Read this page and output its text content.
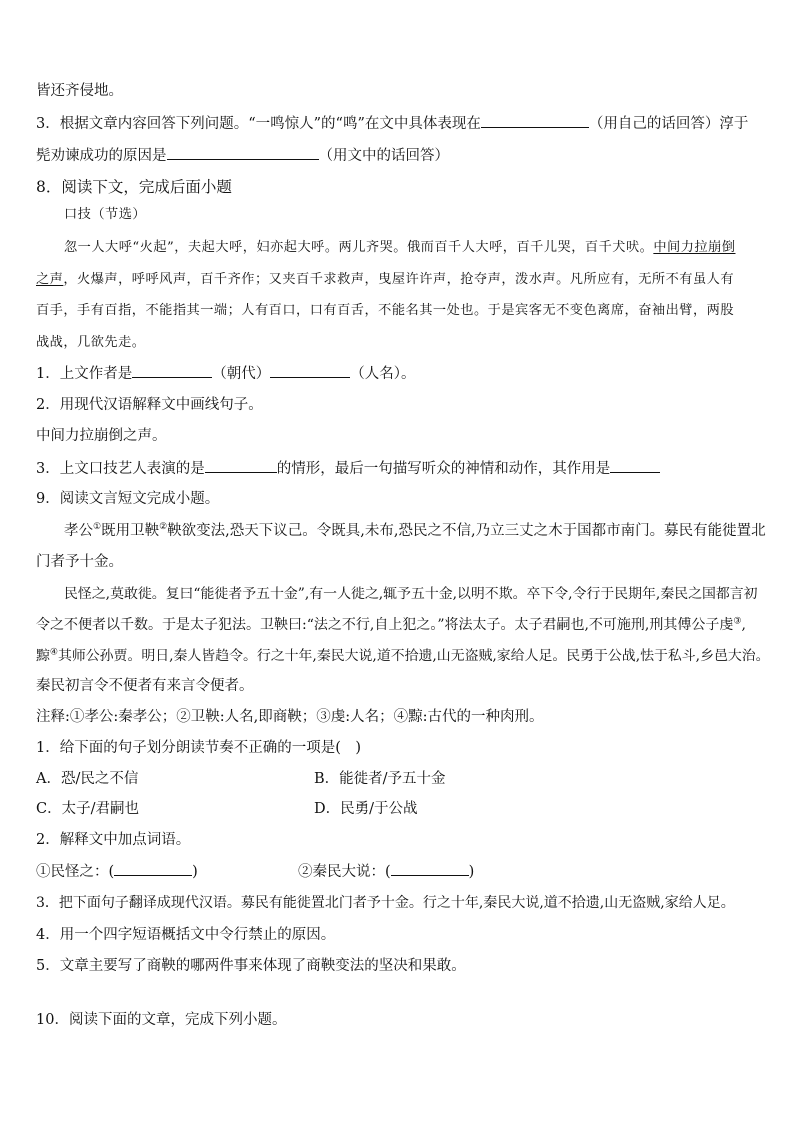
皆还齐侵地。
3．根据文章内容回答下列问题。“一鸣惊人”的“鸣”在文中具体表现在	（用自己的话回答）淳于
髡劝谏成功的原因是	（用文中的话回答）
8．阅读下文，完成后面小题
口技（节选）
忽一人大呼“火起”，夫起大呼，妇亦起大呼。两儿齐哭。俄而百千人大呼，百千儿哭，百千犬吠。中间力拉崩倒
之声，火爆声，呼呼风声，百千齐作；又夹百千求救声，曳屋许许声，抢夺声，泼水声。凡所应有，无所不有虽人有
百手，手有百指，不能指其一端；人有百口，口有百舌，不能名其一处也。于是宾客无不变色离席，奋袖出臂，两股
战战，几欲先走。
1．上文作者是	（朝代）	（人名）。
2．用现代汉语解释文中画线句子。
中间力拉崩倒之声。
3．上文口技艺人表演的是	的情形，最后一句描写听众的神情和动作，其作用是
9．阅读文言短文完成小题。
孝公①既用卫鞅②鞅欲变法,恐天下议己。令既具,未布,恐民之不信,乃立三丈之木于国都市南门。募民有能徙置北
门者予十金。
民怪之,莫敢徙。复曰“能徙者予五十金”,有一人徙之,辄予五十金,以明不欺。卒下令,令行于民期年,秦民之国都言初
令之不便者以千数。于是太子犯法。卫鞅曰:“法之不行,自上犯之。”将法太子。太子君嗣也,不可施刑,刑其傅公子虔③,
黥④其师公孙贾。明日,秦人皆趋令。行之十年,秦民大说,道不拾遗,山无盗贼,家给人足。民勇于公战,怯于私斗,乡邑大治。
秦民初言令不便者有来言令便者。
注释:①孝公:秦孝公；②卫鞅:人名,即商鞅；③虔:人名；④黥:古代的一种肉刑。
1．给下面的句子划分朗读节奏不正确的一项是(　)
A．恐/民之不信	B．能徙者/予五十金
C．太子/君嗣也	D．民勇/于公战
2．解释文中加点词语。
①民怪之：(	)	②秦民大说：(	)
3．把下面句子翻译成现代汉语。募民有能徙置北门者予十金。行之十年,秦民大说,道不拾遗,山无盗贼,家给人足。
4．用一个四字短语概括文中令行禁止的原因。
5．文章主要写了商鞅的哪两件事来体现了商鞅变法的坚决和果敢。
10．阅读下面的文章，完成下列小题。
